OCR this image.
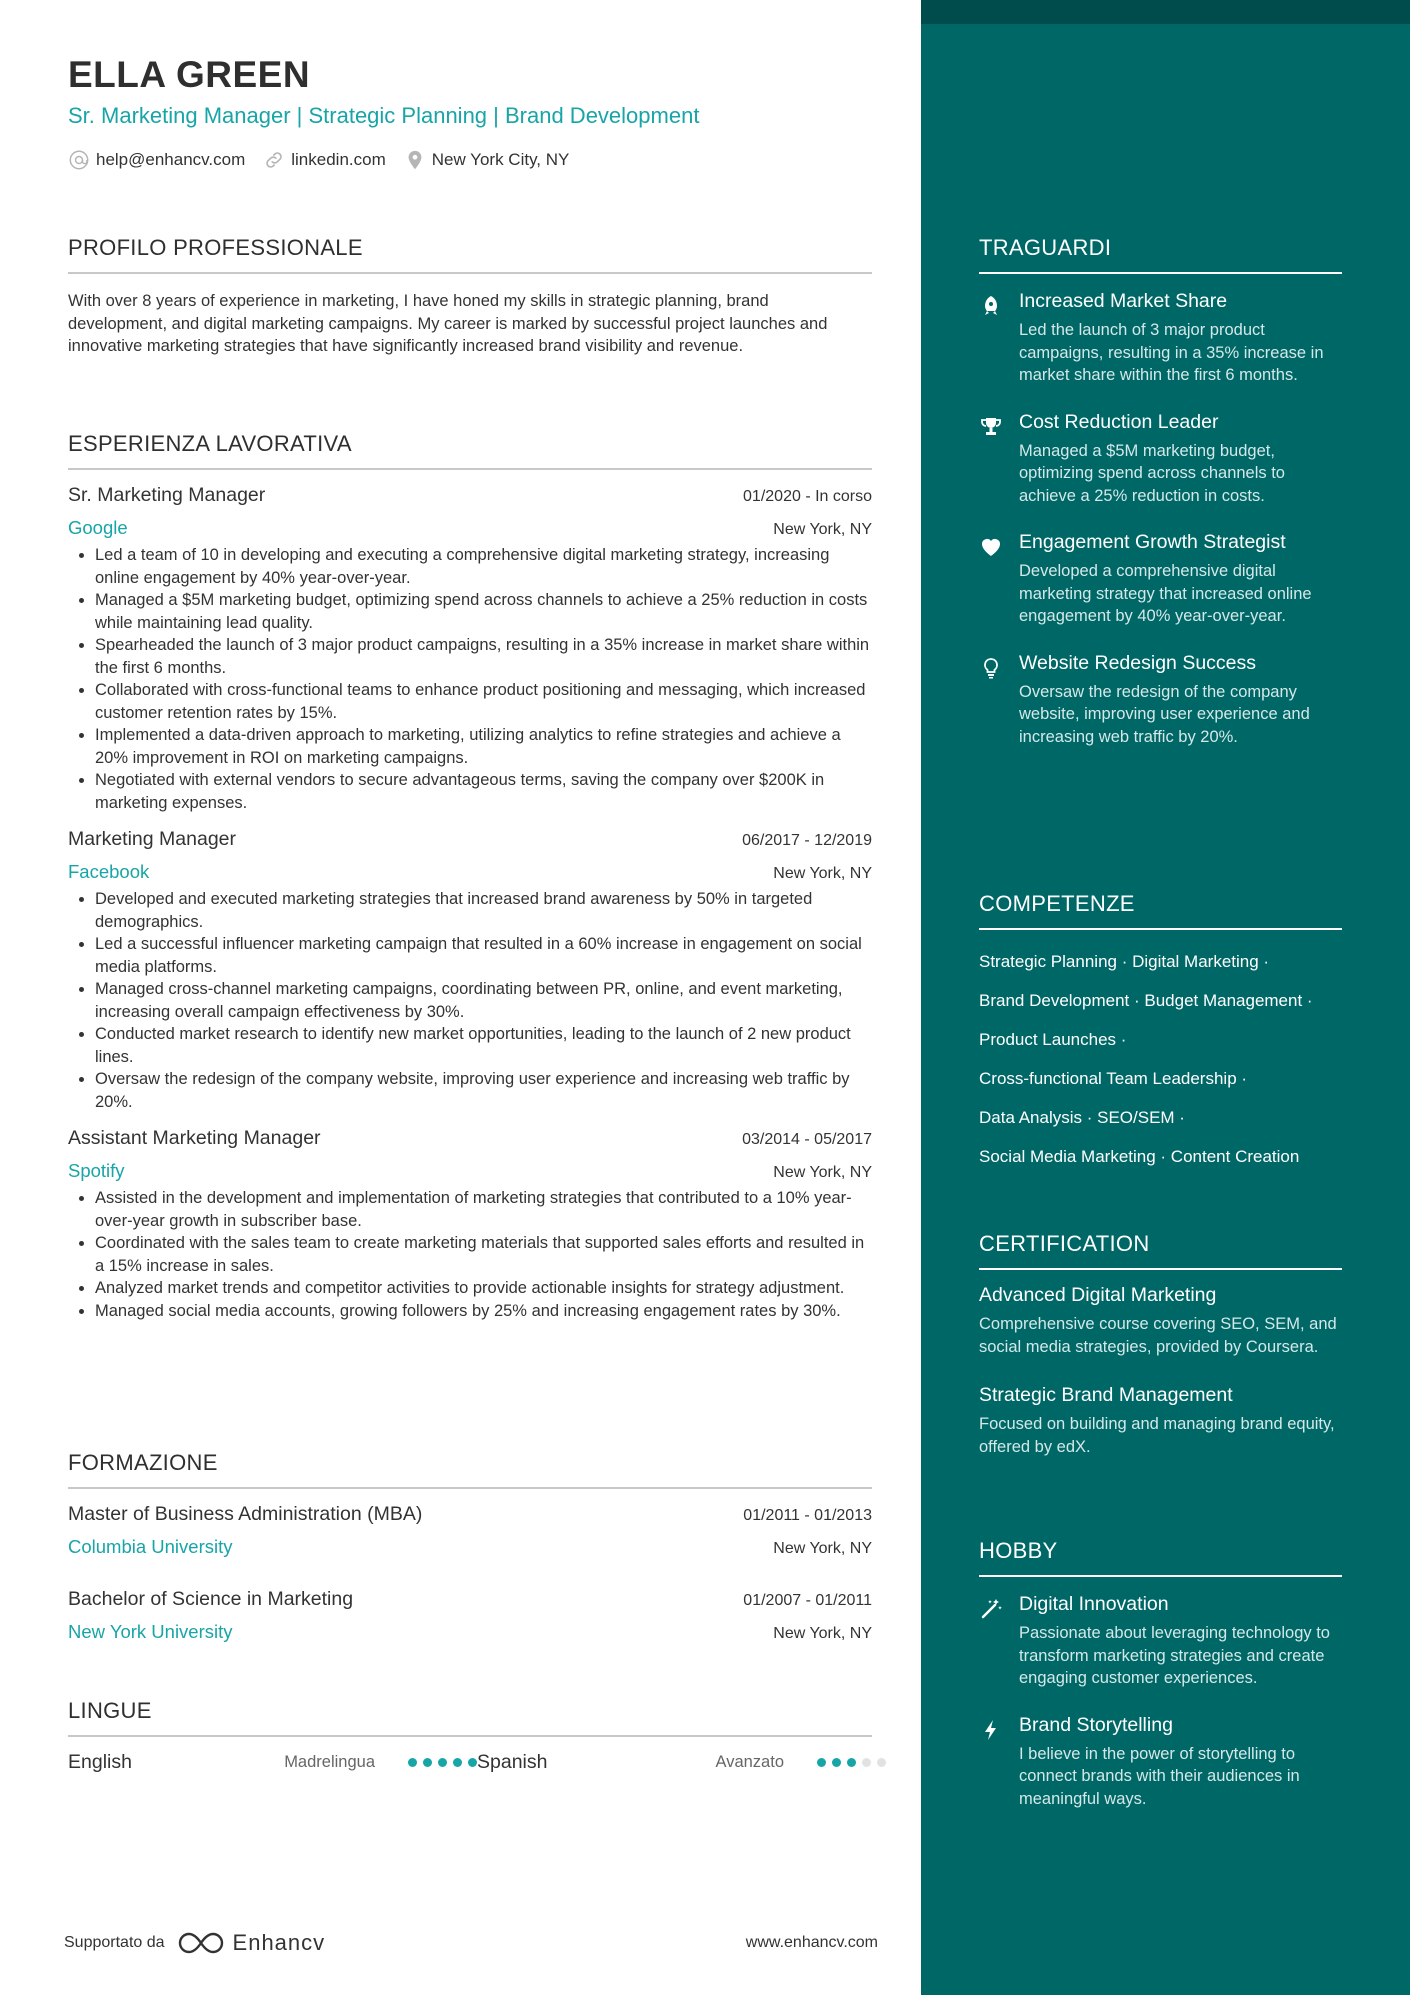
ELLA GREEN
Sr. Marketing Manager | Strategic Planning | Brand Development
help@enhancv.com	linkedin.com	New York City, NY
PROFILO PROFESSIONALE
With over 8 years of experience in marketing, I have honed my skills in strategic planning, brand development, and digital marketing campaigns. My career is marked by successful project launches and innovative marketing strategies that have significantly increased brand visibility and revenue.
ESPERIENZA LAVORATIVA
Sr. Marketing Manager	01/2020 - In corso
Google	New York, NY
• Led a team of 10 in developing and executing a comprehensive digital marketing strategy, increasing online engagement by 40% year-over-year.
• Managed a $5M marketing budget, optimizing spend across channels to achieve a 25% reduction in costs while maintaining lead quality.
• Spearheaded the launch of 3 major product campaigns, resulting in a 35% increase in market share within the first 6 months.
• Collaborated with cross-functional teams to enhance product positioning and messaging, which increased customer retention rates by 15%.
• Implemented a data-driven approach to marketing, utilizing analytics to refine strategies and achieve a 20% improvement in ROI on marketing campaigns.
• Negotiated with external vendors to secure advantageous terms, saving the company over $200K in marketing expenses.
Marketing Manager	06/2017 - 12/2019
Facebook	New York, NY
• Developed and executed marketing strategies that increased brand awareness by 50% in targeted demographics.
• Led a successful influencer marketing campaign that resulted in a 60% increase in engagement on social media platforms.
• Managed cross-channel marketing campaigns, coordinating between PR, online, and event marketing, increasing overall campaign effectiveness by 30%.
• Conducted market research to identify new market opportunities, leading to the launch of 2 new product lines.
• Oversaw the redesign of the company website, improving user experience and increasing web traffic by 20%.
Assistant Marketing Manager	03/2014 - 05/2017
Spotify	New York, NY
• Assisted in the development and implementation of marketing strategies that contributed to a 10% year-over-year growth in subscriber base.
• Coordinated with the sales team to create marketing materials that supported sales efforts and resulted in a 15% increase in sales.
• Analyzed market trends and competitor activities to provide actionable insights for strategy adjustment.
• Managed social media accounts, growing followers by 25% and increasing engagement rates by 30%.
FORMAZIONE
Master of Business Administration (MBA)	01/2011 - 01/2013
Columbia University	New York, NY
Bachelor of Science in Marketing	01/2007 - 01/2011
New York University	New York, NY
LINGUE
English	Madrelingua	Spanish	Avanzato
Supportato da	Enhancv	www.enhancv.com
TRAGUARDI
Increased Market Share
Led the launch of 3 major product campaigns, resulting in a 35% increase in market share within the first 6 months.
Cost Reduction Leader
Managed a $5M marketing budget, optimizing spend across channels to achieve a 25% reduction in costs.
Engagement Growth Strategist
Developed a comprehensive digital marketing strategy that increased online engagement by 40% year-over-year.
Website Redesign Success
Oversaw the redesign of the company website, improving user experience and increasing web traffic by 20%.
COMPETENZE
Strategic Planning · Digital Marketing ·
Brand Development · Budget Management ·
Product Launches ·
Cross-functional Team Leadership ·
Data Analysis · SEO/SEM ·
Social Media Marketing · Content Creation
CERTIFICATION
Advanced Digital Marketing
Comprehensive course covering SEO, SEM, and social media strategies, provided by Coursera.
Strategic Brand Management
Focused on building and managing brand equity, offered by edX.
HOBBY
Digital Innovation
Passionate about leveraging technology to transform marketing strategies and create engaging customer experiences.
Brand Storytelling
I believe in the power of storytelling to connect brands with their audiences in meaningful ways.
